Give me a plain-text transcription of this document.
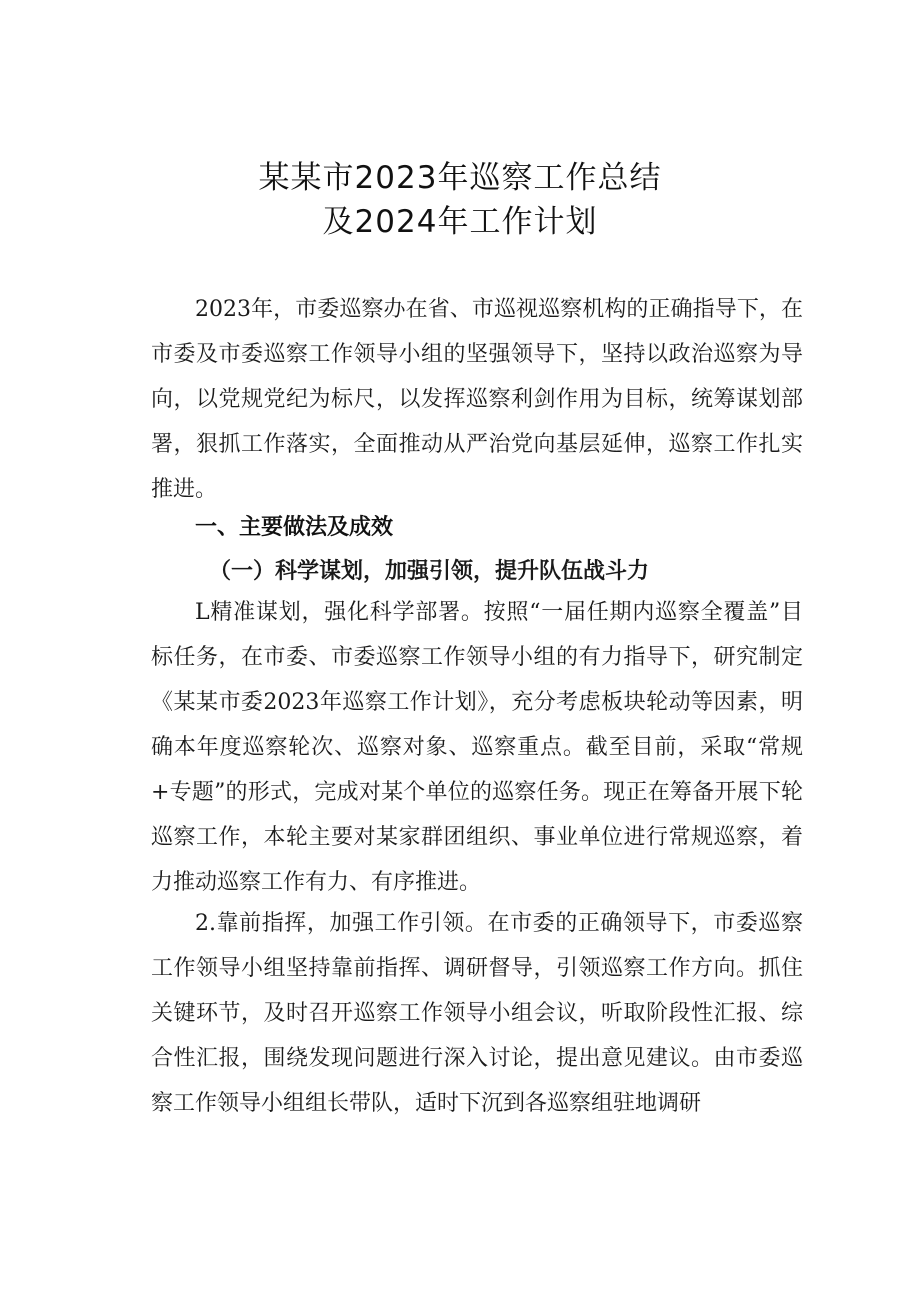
某某市2023年巡察工作总结
及2024年工作计划

2023年，市委巡察办在省、市巡视巡察机构的正确指导下，在市委及市委巡察工作领导小组的坚强领导下，坚持以政治巡察为导向，以党规党纪为标尺，以发挥巡察利剑作用为目标，统筹谋划部署，狠抓工作落实，全面推动从严治党向基层延伸，巡察工作扎实推进。

一、主要做法及成效
（一）科学谋划，加强引领，提升队伍战斗力

L精准谋划，强化科学部署。按照“一届任期内巡察全覆盖”目标任务，在市委、市委巡察工作领导小组的有力指导下，研究制定《某某市委2023年巡察工作计划》，充分考虑板块轮动等因素，明确本年度巡察轮次、巡察对象、巡察重点。截至目前，采取“常规+专题”的形式，完成对某个单位的巡察任务。现正在筹备开展下轮巡察工作，本轮主要对某家群团组织、事业单位进行常规巡察，着力推动巡察工作有力、有序推进。

2.靠前指挥，加强工作引领。在市委的正确领导下，市委巡察工作领导小组坚持靠前指挥、调研督导，引领巡察工作方向。抓住关键环节，及时召开巡察工作领导小组会议，听取阶段性汇报、综合性汇报，围绕发现问题进行深入讨论，提出意见建议。由市委巡察工作领导小组组长带队，适时下沉到各巡察组驻地调研
